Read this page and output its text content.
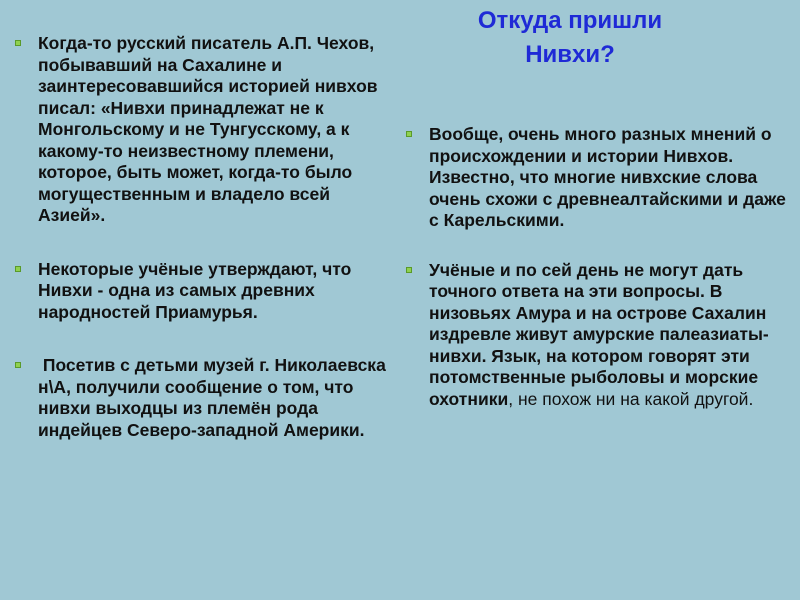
Откуда пришли Нивхи?
Когда-то русский писатель А.П. Чехов, побывавший на Сахалине и заинтересовавшийся историей нивхов писал: «Нивхи принадлежат не к Монгольскому и не Тунгусскому, а к какому-то неизвестному племени, которое, быть может, когда-то было могущественным и владело всей Азией».
Некоторые учёные утверждают, что Нивхи - одна из самых древних народностей Приамурья.
Посетив с детьми музей г. Николаевска н\А, получили сообщение о том, что нивхи выходцы из племён рода индейцев Северо-западной Америки.
Вообще, очень много разных мнений о происхождении и истории Нивхов. Известно, что многие нивхские слова очень схожи с древнеалтайскими и даже с Карельскими.
Учёные и по сей день не могут дать точного ответа на эти вопросы. В низовьях Амура и на острове Сахалин издревле живут амурские палеазиаты-нивхи. Язык, на котором говорят эти потомственные рыболовы и морские охотники, не похож ни на какой другой.
